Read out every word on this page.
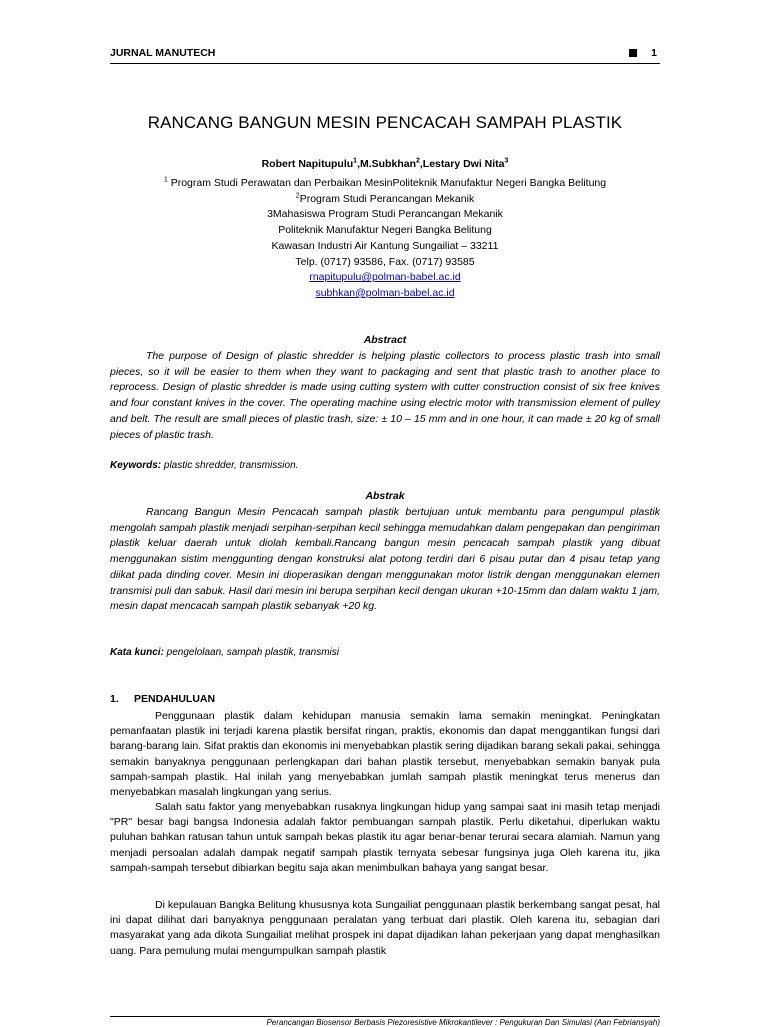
JURNAL MANUTECH	1
RANCANG BANGUN MESIN PENCACAH SAMPAH PLASTIK
Robert Napitupulu$^1$,M.Subkhan$^2$,Lestary Dwi Nita$^3$
$^1$ Program Studi Perawatan dan Perbaikan MesinPoliteknik Manufaktur Negeri Bangka Belitung
$^2$Program Studi Perancangan Mekanik
3Mahasiswa Program Studi Perancangan Mekanik
Politeknik Manufaktur Negeri Bangka Belitung
Kawasan Industri Air Kantung Sungailiat – 33211
Telp. (0717) 93586, Fax. (0717) 93585
rnapitupulu@polman-babel.ac.id
subhkan@polman-babel.ac.id
Abstract
The purpose of Design of plastic shredder is helping plastic collectors to process plastic trash into small pieces, so it will be easier to them when they want to packaging and sent that plastic trash to another place to reprocess. Design of plastic shredder is made using cutting system with cutter construction consist of six free knives and four constant knives in the cover. The operating machine using electric motor with transmission element of pulley and belt. The result are small pieces of plastic trash, size: ± 10 – 15 mm and in one hour, it can made ± 20 kg of small pieces of plastic trash.
Keywords: plastic shredder, transmission.
Abstrak
Rancang Bangun Mesin Pencacah sampah plastik bertujuan untuk membantu para pengumpul plastik mengolah sampah plastik menjadi serpihan-serpihan kecil sehingga memudahkan dalam pengepakan dan pengiriman plastik keluar daerah untuk diolah kembali.Rancang bangun mesin pencacah sampah plastik yang dibuat menggunakan sistim menggunting dengan konstruksi alat potong terdiri dari 6 pisau putar dan 4 pisau tetap yang diikat pada dinding cover. Mesin ini dioperasikan dengan menggunakan motor listrik dengan menggunakan elemen transmisi puli dan sabuk. Hasil dari mesin ini berupa serpihan kecil dengan ukuran +10-15mm dan dalam waktu 1 jam, mesin dapat mencacah sampah plastik sebanyak +20 kg.
Kata kunci: pengelolaan, sampah plastik, transmisi
1. PENDAHULUAN
Penggunaan plastik dalam kehidupan manusia semakin lama semakin meningkat. Peningkatan pemanfaatan plastik ini terjadi karena plastik bersifat ringan, praktis, ekonomis dan dapat menggantikan fungsi dari barang-barang lain. Sifat praktis dan ekonomis ini menyebabkan plastik sering dijadikan barang sekali pakai, sehingga semakin banyaknya penggunaan perlengkapan dari bahan plastik tersebut, menyebabkan semakin banyak pula sampah-sampah plastik. Hal inilah yang menyebabkan jumlah sampah plastik meningkat terus menerus dan menyebabkan masalah lingkungan yang serius.
Salah satu faktor yang menyebabkan rusaknya lingkungan hidup yang sampai saat ini masih tetap menjadi "PR" besar bagi bangsa Indonesia adalah faktor pembuangan sampah plastik. Perlu diketahui, diperlukan waktu puluhan bahkan ratusan tahun untuk sampah bekas plastik itu agar benar-benar terurai secara alamiah. Namun yang menjadi persoalan adalah dampak negatif sampah plastik ternyata sebesar fungsinya juga Oleh karena itu, jika sampah-sampah tersebut dibiarkan begitu saja akan menimbulkan bahaya yang sangat besar.
Di kepulauan Bangka Belitung khususnya kota Sungailiat penggunaan plastik berkembang sangat pesat, hal ini dapat dilihat dari banyaknya penggunaan peralatan yang terbuat dari plastik. Oleh karena itu, sebagian dari masyarakat yang ada dikota Sungailiat melihat prospek ini dapat dijadikan lahan pekerjaan yang dapat menghasilkan uang. Para pemulung mulai mengumpulkan sampah plastik
Perancangan Biosensor Berbasis Piezoresistive Mikrokantilever : Pengukuran Dan Simulasi (Aan Febriansyah)
